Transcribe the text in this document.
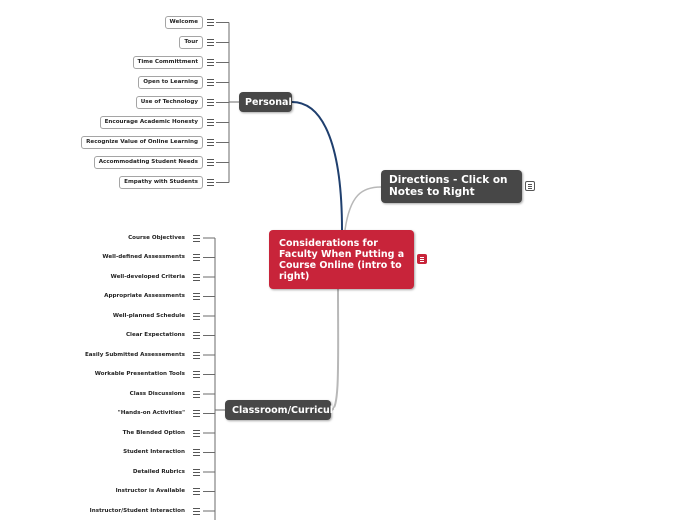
Considerations for Faculty When Putting a Course Online (intro to right)
Directions - Click on Notes to Right
Personal
Classroom/Curricula
Welcome
Tour
Time Committment
Open to Learning
Use of Technology
Encourage Academic Honesty
Recognize Value of Online Learning
Accommodating Student Needs
Empathy with Students
Course Objectives
Well-defined Assessments
Well-developed Criteria
Appropriate Assessments
Well-planned Schedule
Clear Expectations
Easily Submitted Assessements
Workable Presentation Tools
Class Discussions
"Hands-on Activities"
The Blended Option
Student Interaction
Detailed Rubrics
Instructor is Available
Instructor/Student Interaction
